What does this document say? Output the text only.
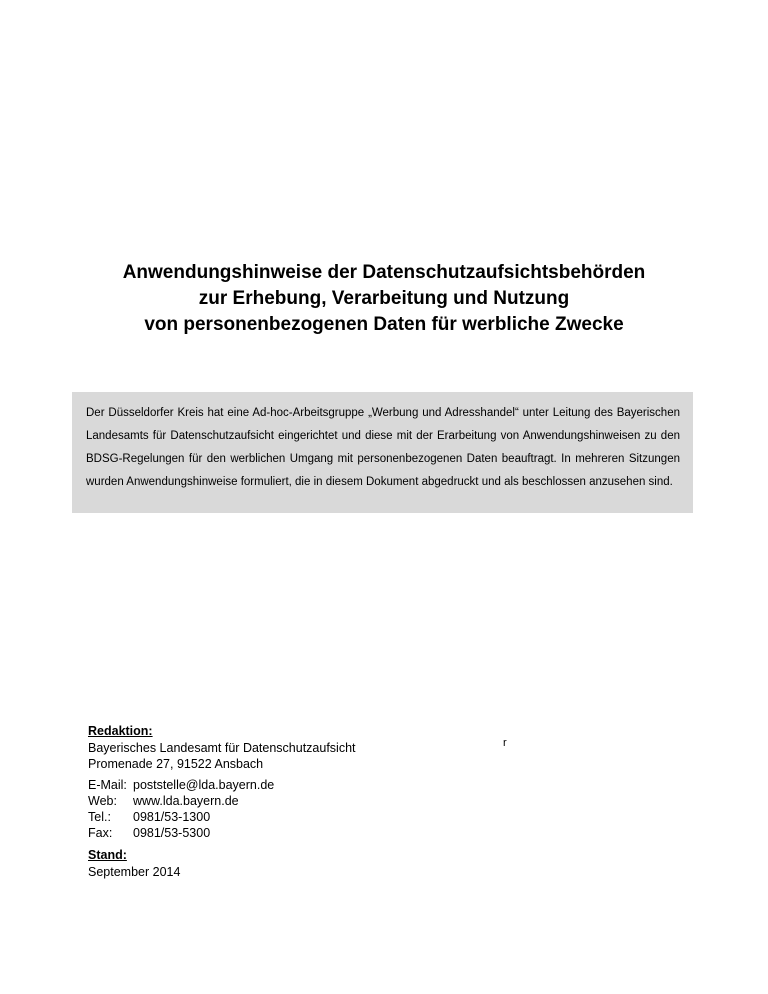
Anwendungshinweise der Datenschutzaufsichtsbehörden
zur Erhebung, Verarbeitung und Nutzung
von personenbezogenen Daten für werbliche Zwecke
Der Düsseldorfer Kreis hat eine Ad-hoc-Arbeitsgruppe „Werbung und Adresshandel“ unter Leitung des Bayerischen Landesamts für Datenschutzaufsicht eingerichtet und diese mit der Erarbeitung von Anwendungshinweisen zu den BDSG-Regelungen für den werblichen Umgang mit personenbezogenen Daten beauftragt. In mehreren Sitzungen wurden Anwendungshinweise formuliert, die in diesem Dokument abgedruckt und als beschlossen anzusehen sind.
Redaktion:
Bayerisches Landesamt für Datenschutzaufsicht
Promenade 27, 91522 Ansbach
E-Mail:	poststelle@lda.bayern.de
Web:	www.lda.bayern.de
Tel.:	0981/53-1300
Fax:	0981/53-5300
Stand:
September 2014
r
